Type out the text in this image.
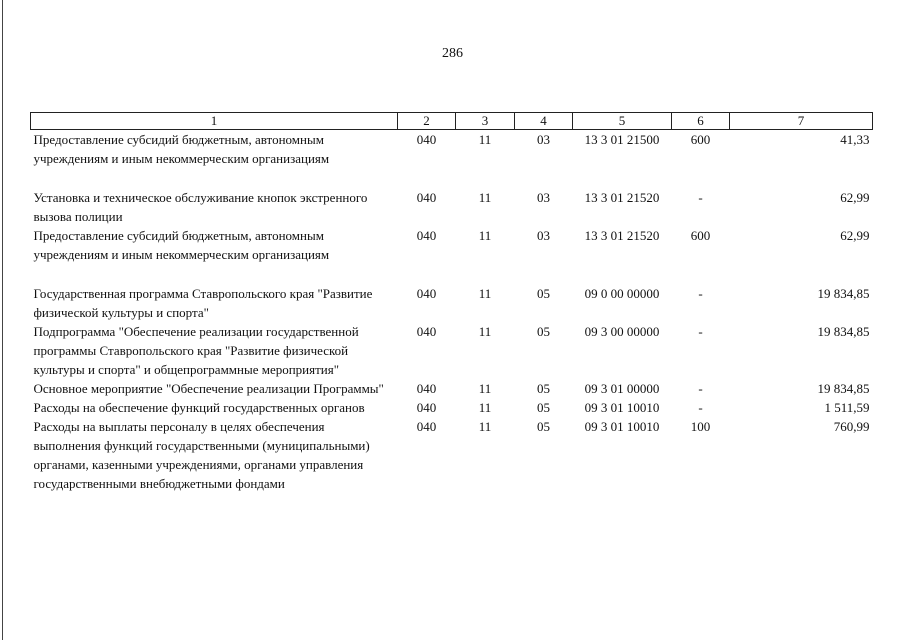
286
1	2	3	4	5	6	7
Предоставление субсидий бюджетным, автономным учреждениям и иным некоммерческим организациям	040	11	03	13 3 01 21500	600	41,33

Установка и техническое обслуживание кнопок экстренного вызова полиции	040	11	03	13 3 01 21520	-	62,99
Предоставление субсидий бюджетным, автономным учреждениям и иным некоммерческим организациям	040	11	03	13 3 01 21520	600	62,99

Государственная программа Ставропольского края "Развитие физической культуры и спорта"	040	11	05	09 0 00 00000	-	19 834,85
Подпрограмма "Обеспечение реализации государственной программы Ставропольского края "Развитие физической культуры и спорта" и общепрограммные мероприятия"	040	11	05	09 3 00 00000	-	19 834,85
Основное мероприятие "Обеспечение реализации Программы"	040	11	05	09 3 01 00000	-	19 834,85
Расходы на обеспечение функций государственных органов	040	11	05	09 3 01 10010	-	1 511,59
Расходы на выплаты персоналу в целях обеспечения выполнения функций государственными (муниципальными) органами, казенными учреждениями, органами управления государственными внебюджетными фондами	040	11	05	09 3 01 10010	100	760,99
